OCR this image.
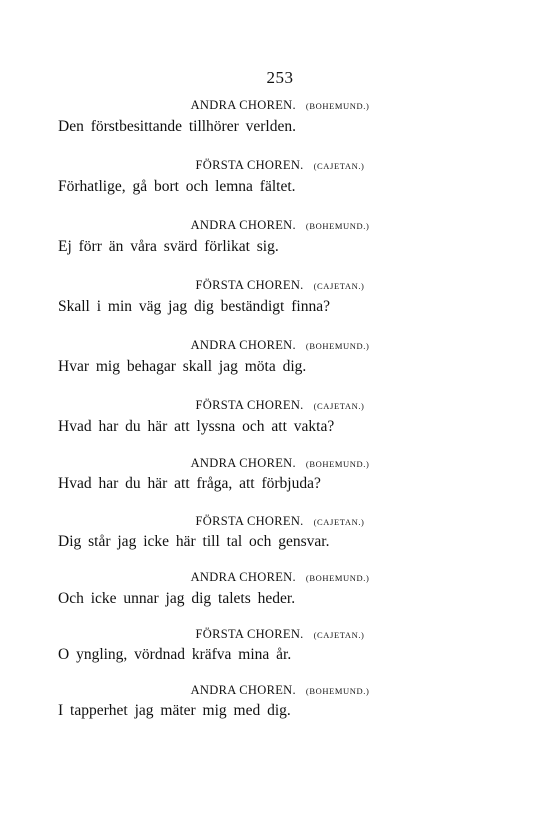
253
ANDRA CHOREN. (BOHEMUND.)
Den förstbesittande tillhörer verlden.
FÖRSTA CHOREN. (CAJETAN.)
Förhatlige, gå bort och lemna fältet.
ANDRA CHOREN. (BOHEMUND.)
Ej förr än våra svärd förlikat sig.
FÖRSTA CHOREN. (CAJETAN.)
Skall i min väg jag dig beständigt finna?
ANDRA CHOREN. (BOHEMUND.)
Hvar mig behagar skall jag möta dig.
FÖRSTA CHOREN. (CAJETAN.)
Hvad har du här att lyssna och att vakta?
ANDRA CHOREN. (BOHEMUND.)
Hvad har du här att fråga, att förbjuda?
FÖRSTA CHOREN. (CAJETAN.)
Dig står jag icke här till tal och gensvar.
ANDRA CHOREN. (BOHEMUND.)
Och icke unnar jag dig talets heder.
FÖRSTA CHOREN. (CAJETAN.)
O yngling, vördnad kräfva mina år.
ANDRA CHOREN. (BOHEMUND.)
I tapperhet jag mäter mig med dig.
